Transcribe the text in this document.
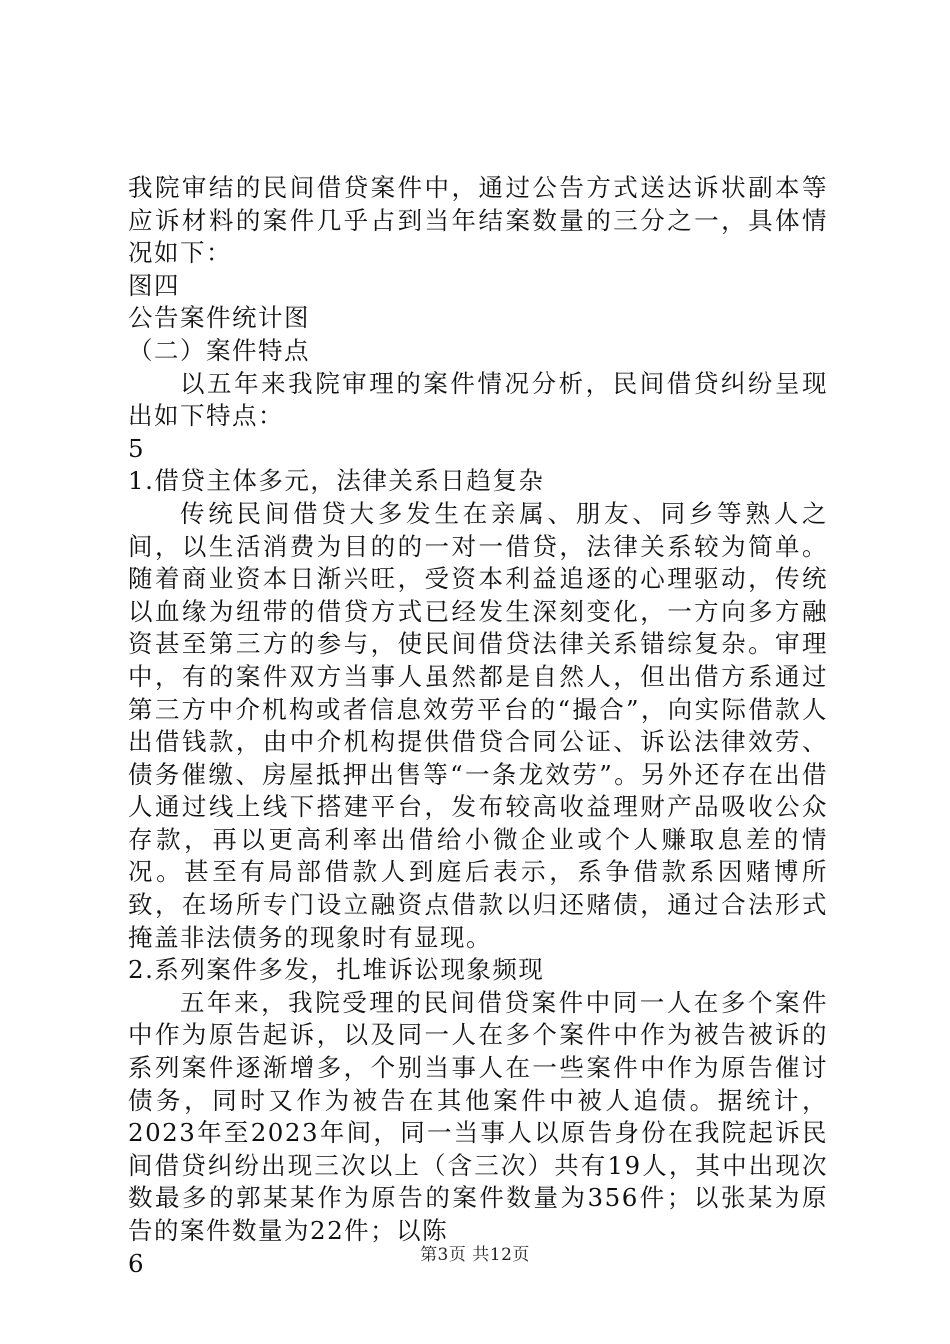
我院审结的民间借贷案件中，通过公告方式送达诉状副本等应诉材料的案件几乎占到当年结案数量的三分之一，具体情况如下：

图四

公告案件统计图

（二）案件特点

以五年来我院审理的案件情况分析，民间借贷纠纷呈现出如下特点：

5

1.借贷主体多元，法律关系日趋复杂

传统民间借贷大多发生在亲属、朋友、同乡等熟人之间，以生活消费为目的的一对一借贷，法律关系较为简单。随着商业资本日渐兴旺，受资本利益追逐的心理驱动，传统以血缘为纽带的借贷方式已经发生深刻变化，一方向多方融资甚至第三方的参与，使民间借贷法律关系错综复杂。审理中，有的案件双方当事人虽然都是自然人，但出借方系通过第三方中介机构或者信息效劳平台的“撮合”，向实际借款人出借钱款，由中介机构提供借贷合同公证、诉讼法律效劳、债务催缴、房屋抵押出售等“一条龙效劳”。另外还存在出借人通过线上线下搭建平台，发布较高收益理财产品吸收公众存款，再以更高利率出借给小微企业或个人赚取息差的情况。甚至有局部借款人到庭后表示，系争借款系因赌博所致，在场所专门设立融资点借款以归还赌债，通过合法形式掩盖非法债务的现象时有显现。

2.系列案件多发，扎堆诉讼现象频现

五年来，我院受理的民间借贷案件中同一人在多个案件中作为原告起诉，以及同一人在多个案件中作为被告被诉的系列案件逐渐增多，个别当事人在一些案件中作为原告催讨债务，同时又作为被告在其他案件中被人追债。据统计，2023年至2023年间，同一当事人以原告身份在我院起诉民间借贷纠纷出现三次以上（含三次）共有19人，其中出现次数最多的郭某某作为原告的案件数量为356件；以张某为原告的案件数量为22件；以陈

6	第3页 共12页
